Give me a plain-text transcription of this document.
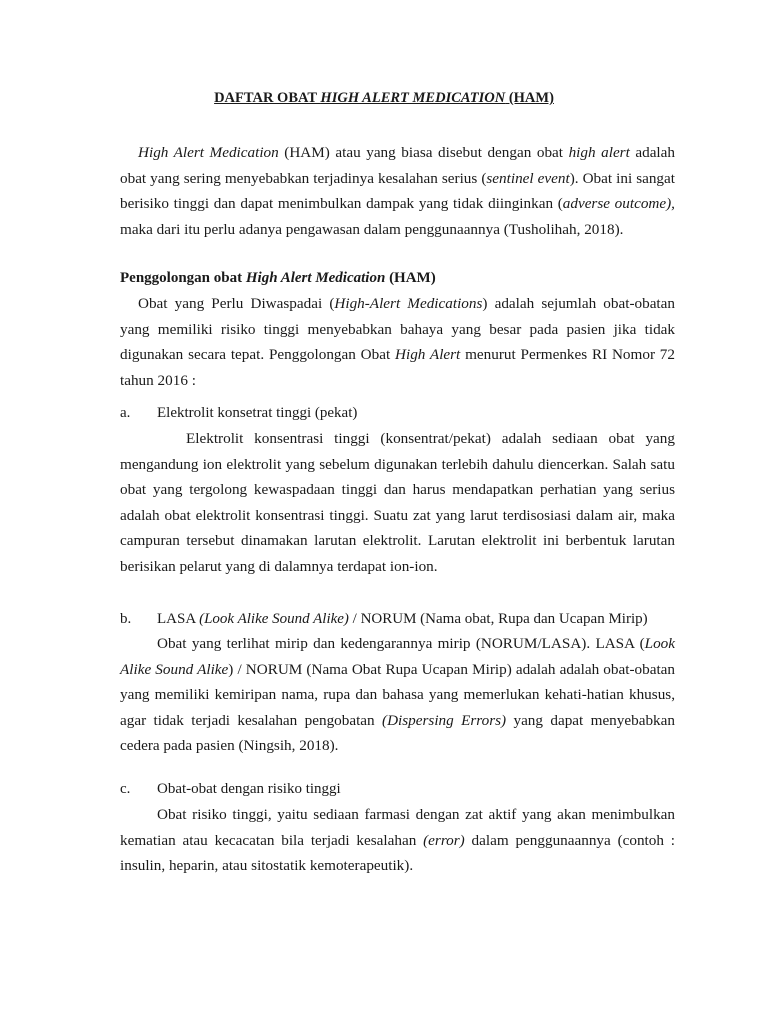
DAFTAR OBAT HIGH ALERT MEDICATION (HAM)

High Alert Medication (HAM) atau yang biasa disebut dengan obat high alert adalah obat yang sering menyebabkan terjadinya kesalahan serius (sentinel event). Obat ini sangat berisiko tinggi dan dapat menimbulkan dampak yang tidak diinginkan (adverse outcome), maka dari itu perlu adanya pengawasan dalam penggunaannya (Tusholihah, 2018).

Penggolongan obat High Alert Medication (HAM)

Obat yang Perlu Diwaspadai (High-Alert Medications) adalah sejumlah obat-obatan yang memiliki risiko tinggi menyebabkan bahaya yang besar pada pasien jika tidak digunakan secara tepat. Penggolongan Obat High Alert menurut Permenkes RI Nomor 72 tahun 2016 :

a. Elektrolit konsetrat tinggi (pekat)

Elektrolit konsentrasi tinggi (konsentrat/pekat) adalah sediaan obat yang mengandung ion elektrolit yang sebelum digunakan terlebih dahulu diencerkan. Salah satu obat yang tergolong kewaspadaan tinggi dan harus mendapatkan perhatian yang serius adalah obat elektrolit konsentrasi tinggi. Suatu zat yang larut terdisosiasi dalam air, maka campuran tersebut dinamakan larutan elektrolit. Larutan elektrolit ini berbentuk larutan berisikan pelarut yang di dalamnya terdapat ion-ion.

b. LASA (Look Alike Sound Alike) / NORUM (Nama obat, Rupa dan Ucapan Mirip)

Obat yang terlihat mirip dan kedengarannya mirip (NORUM/LASA). LASA (Look Alike Sound Alike) / NORUM (Nama Obat Rupa Ucapan Mirip) adalah adalah obat-obatan yang memiliki kemiripan nama, rupa dan bahasa yang memerlukan kehati-hatian khusus, agar tidak terjadi kesalahan pengobatan (Dispersing Errors) yang dapat menyebabkan cedera pada pasien (Ningsih, 2018).

c. Obat-obat dengan risiko tinggi

Obat risiko tinggi, yaitu sediaan farmasi dengan zat aktif yang akan menimbulkan kematian atau kecacatan bila terjadi kesalahan (error) dalam penggunaannya (contoh : insulin, heparin, atau sitostatik kemoterapeutik).
